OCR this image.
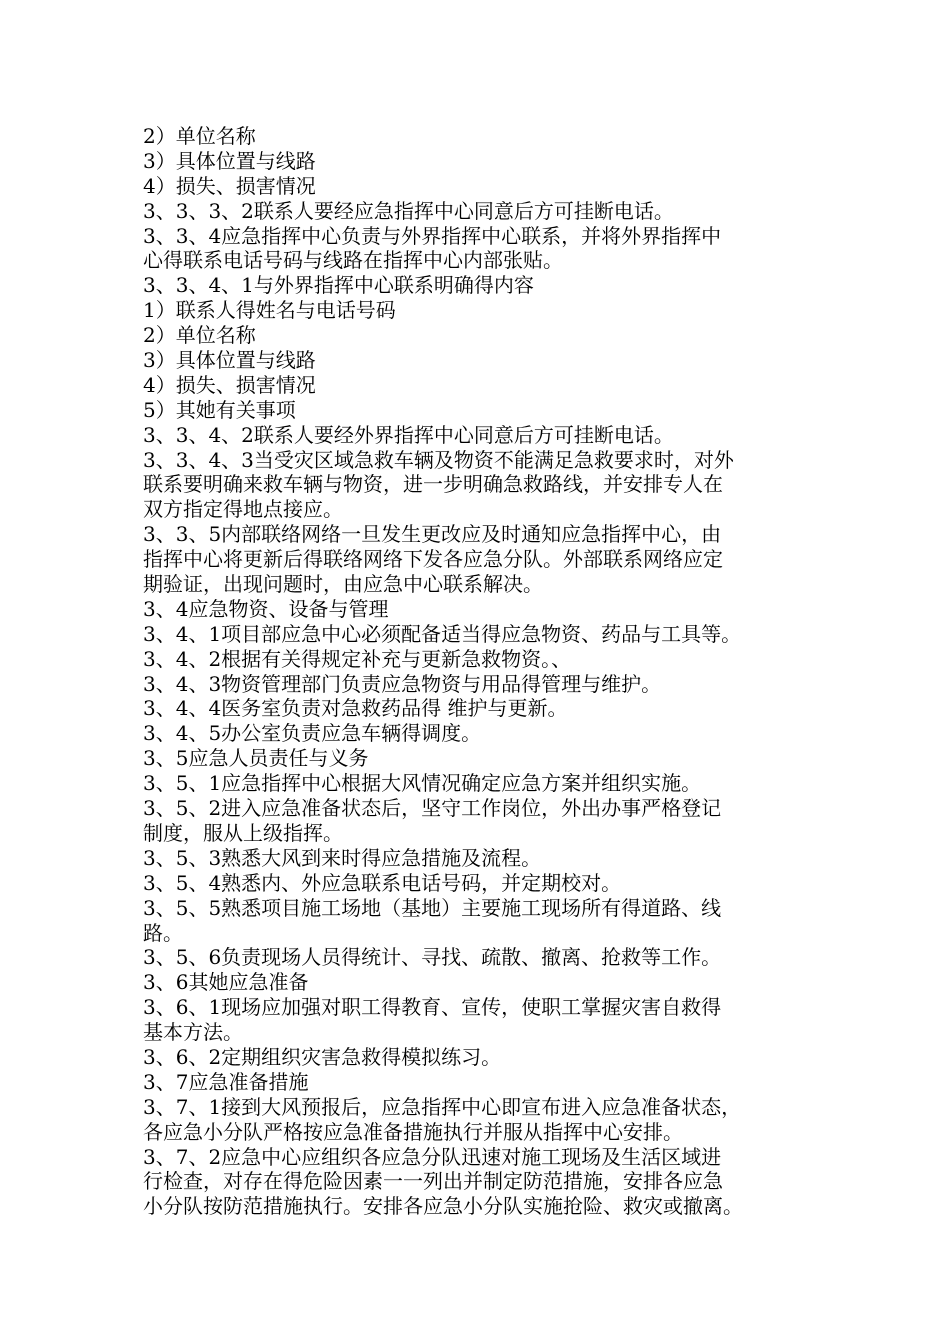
2）单位名称
3）具体位置与线路
4）损失、损害情况
3、3、3、2联系人要经应急指挥中心同意后方可挂断电话。
3、3、4应急指挥中心负责与外界指挥中心联系，并将外界指挥中
心得联系电话号码与线路在指挥中心内部张贴。
3、3、4、1与外界指挥中心联系明确得内容
1）联系人得姓名与电话号码
2）单位名称
3）具体位置与线路
4）损失、损害情况
5）其她有关事项
3、3、4、2联系人要经外界指挥中心同意后方可挂断电话。
3、3、4、3当受灾区域急救车辆及物资不能满足急救要求时，对外
联系要明确来救车辆与物资，进一步明确急救路线，并安排专人在
双方指定得地点接应。
3、3、5内部联络网络一旦发生更改应及时通知应急指挥中心，由
指挥中心将更新后得联络网络下发各应急分队。外部联系网络应定
期验证，出现问题时，由应急中心联系解决。
3、4应急物资、设备与管理
3、4、1项目部应急中心必须配备适当得应急物资、药品与工具等。
3、4、2根据有关得规定补充与更新急救物资。、
3、4、3物资管理部门负责应急物资与用品得管理与维护。
3、4、4医务室负责对急救药品得 维护与更新。
3、4、5办公室负责应急车辆得调度。
3、5应急人员责任与义务
3、5、1应急指挥中心根据大风情况确定应急方案并组织实施。
3、5、2进入应急准备状态后，坚守工作岗位，外出办事严格登记
制度，服从上级指挥。
3、5、3熟悉大风到来时得应急措施及流程。
3、5、4熟悉内、外应急联系电话号码，并定期校对。
3、5、5熟悉项目施工场地（基地）主要施工现场所有得道路、线
路。
3、5、6负责现场人员得统计、寻找、疏散、撤离、抢救等工作。
3、6其她应急准备
3、6、1现场应加强对职工得教育、宣传，使职工掌握灾害自救得
基本方法。
3、6、2定期组织灾害急救得模拟练习。
3、7应急准备措施
3、7、1接到大风预报后，应急指挥中心即宣布进入应急准备状态，
各应急小分队严格按应急准备措施执行并服从指挥中心安排。
3、7、2应急中心应组织各应急分队迅速对施工现场及生活区域进
行检查，对存在得危险因素一一列出并制定防范措施，安排各应急
小分队按防范措施执行。安排各应急小分队实施抢险、救灾或撤离。
